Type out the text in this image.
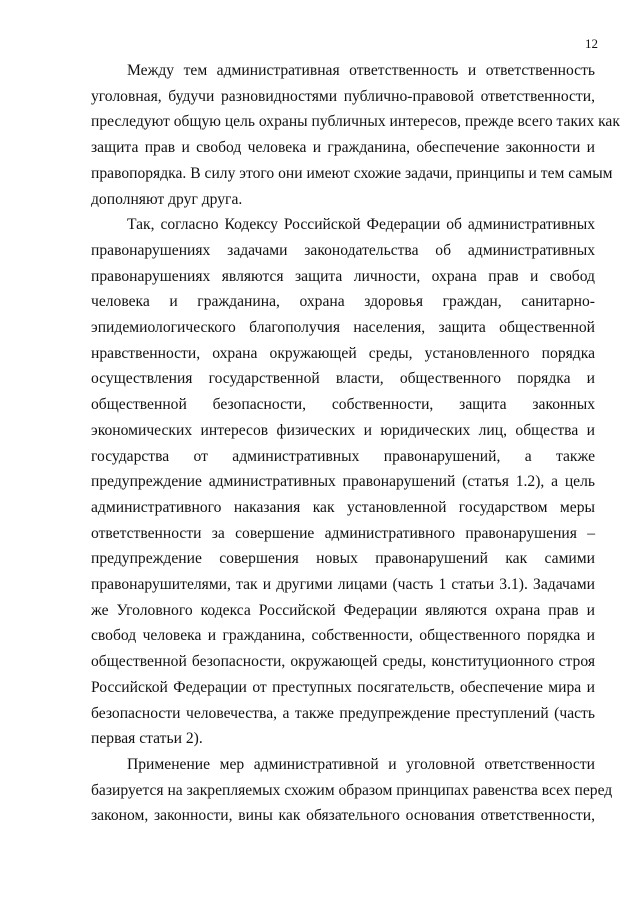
12

Между тем административная ответственность и ответственность
уголовная, будучи разновидностями публично-правовой ответственности,
преследуют общую цель охраны публичных интересов, прежде всего таких как
защита прав и свобод человека и гражданина, обеспечение законности и
правопорядка. В силу этого они имеют схожие задачи, принципы и тем самым
дополняют друг друга.

Так, согласно Кодексу Российской Федерации об административных
правонарушениях задачами законодательства об административных
правонарушениях являются защита личности, охрана прав и свобод
человека и гражданина, охрана здоровья граждан, санитарно-
эпидемиологического благополучия населения, защита общественной
нравственности, охрана окружающей среды, установленного порядка
осуществления государственной власти, общественного порядка и
общественной безопасности, собственности, защита законных
экономических интересов физических и юридических лиц, общества и
государства от административных правонарушений, а также
предупреждение административных правонарушений (статья 1.2), а цель
административного наказания как установленной государством меры
ответственности за совершение административного правонарушения –
предупреждение совершения новых правонарушений как самими
правонарушителями, так и другими лицами (часть 1 статьи 3.1). Задачами
же Уголовного кодекса Российской Федерации являются охрана прав и
свобод человека и гражданина, собственности, общественного порядка и
общественной безопасности, окружающей среды, конституционного строя
Российской Федерации от преступных посягательств, обеспечение мира и
безопасности человечества, а также предупреждение преступлений (часть
первая статьи 2).

Применение мер административной и уголовной ответственности
базируется на закрепляемых схожим образом принципах равенства всех перед
законом, законности, вины как обязательного основания ответственности,
